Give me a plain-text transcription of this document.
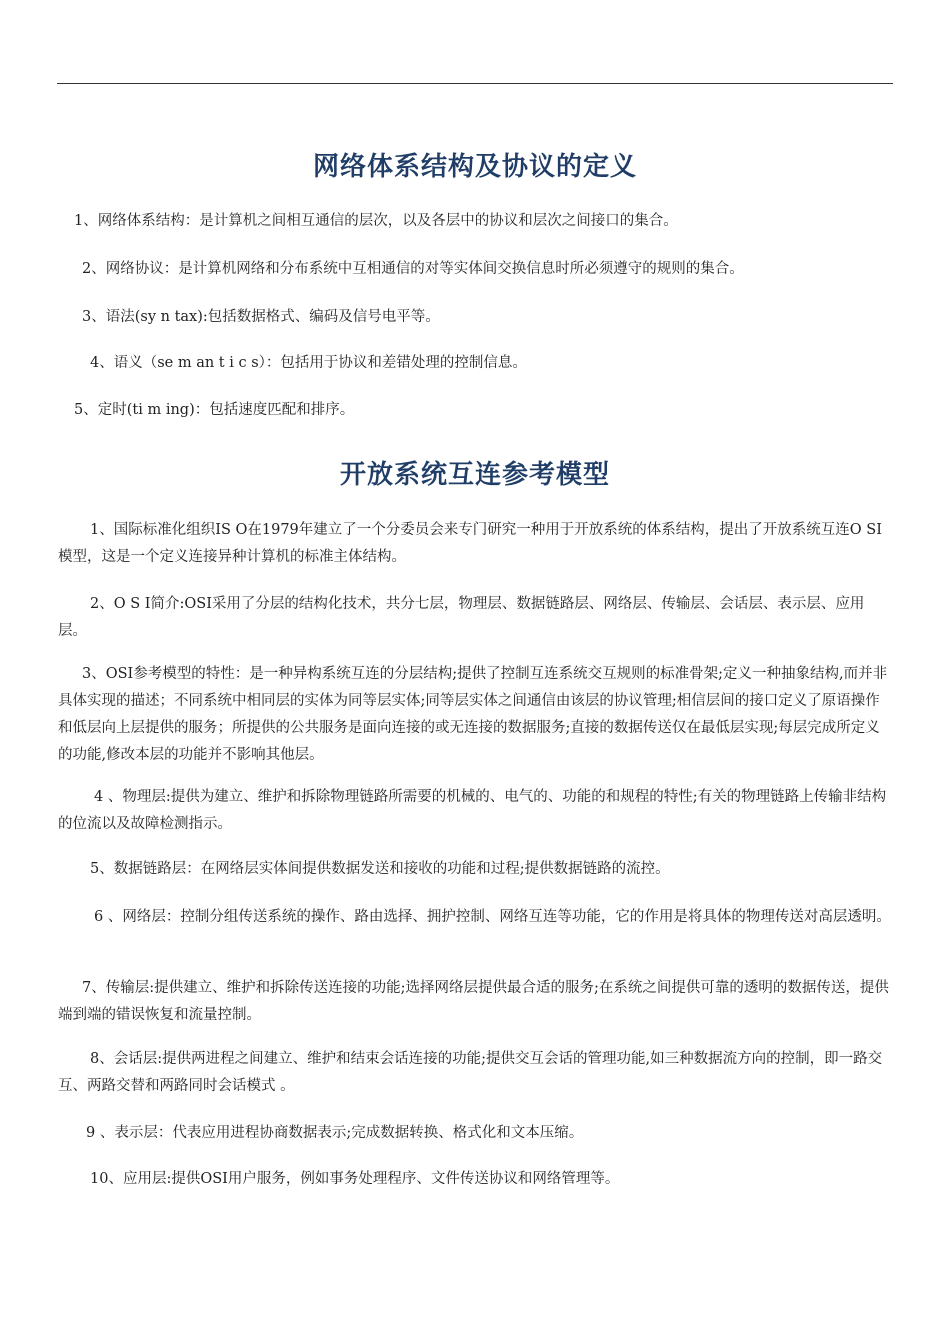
网络体系结构及协议的定义

1、网络体系结构：是计算机之间相互通信的层次，以及各层中的协议和层次之间接口的集合。

2、网络协议：是计算机网络和分布系统中互相通信的对等实体间交换信息时所必须遵守的规则的集合。

3、语法(sy n tax):包括数据格式、编码及信号电平等。

4、语义（se m an t i c s）：包括用于协议和差错处理的控制信息。

5、定时(ti m ing)：包括速度匹配和排序。

开放系统互连参考模型

1、国际标准化组织IS O在1979年建立了一个分委员会来专门研究一种用于开放系统的体系结构，提出了开放系统互连O SI模型，这是一个定义连接异种计算机的标准主体结构。

2、O S I简介:OSI采用了分层的结构化技术，共分七层，物理层、数据链路层、网络层、传输层、会话层、表示层、应用层。

3、OSI参考模型的特性：是一种异构系统互连的分层结构;提供了控制互连系统交互规则的标准骨架;定义一种抽象结构,而并非具体实现的描述；不同系统中相同层的实体为同等层实体;同等层实体之间通信由该层的协议管理;相信层间的接口定义了原语操作和低层向上层提供的服务；所提供的公共服务是面向连接的或无连接的数据服务;直接的数据传送仅在最低层实现;每层完成所定义的功能,修改本层的功能并不影响其他层。

4 、物理层:提供为建立、维护和拆除物理链路所需要的机械的、电气的、功能的和规程的特性;有关的物理链路上传输非结构的位流以及故障检测指示。

5、数据链路层：在网络层实体间提供数据发送和接收的功能和过程;提供数据链路的流控。

6 、网络层：控制分组传送系统的操作、路由选择、拥护控制、网络互连等功能，它的作用是将具体的物理传送对高层透明。

7、传输层:提供建立、维护和拆除传送连接的功能;选择网络层提供最合适的服务;在系统之间提供可靠的透明的数据传送，提供端到端的错误恢复和流量控制。

8、会话层:提供两进程之间建立、维护和结束会话连接的功能;提供交互会话的管理功能,如三种数据流方向的控制，即一路交互、两路交替和两路同时会话模式 。

9 、表示层：代表应用进程协商数据表示;完成数据转换、格式化和文本压缩。

10、应用层:提供OSI用户服务，例如事务处理程序、文件传送协议和网络管理等。
